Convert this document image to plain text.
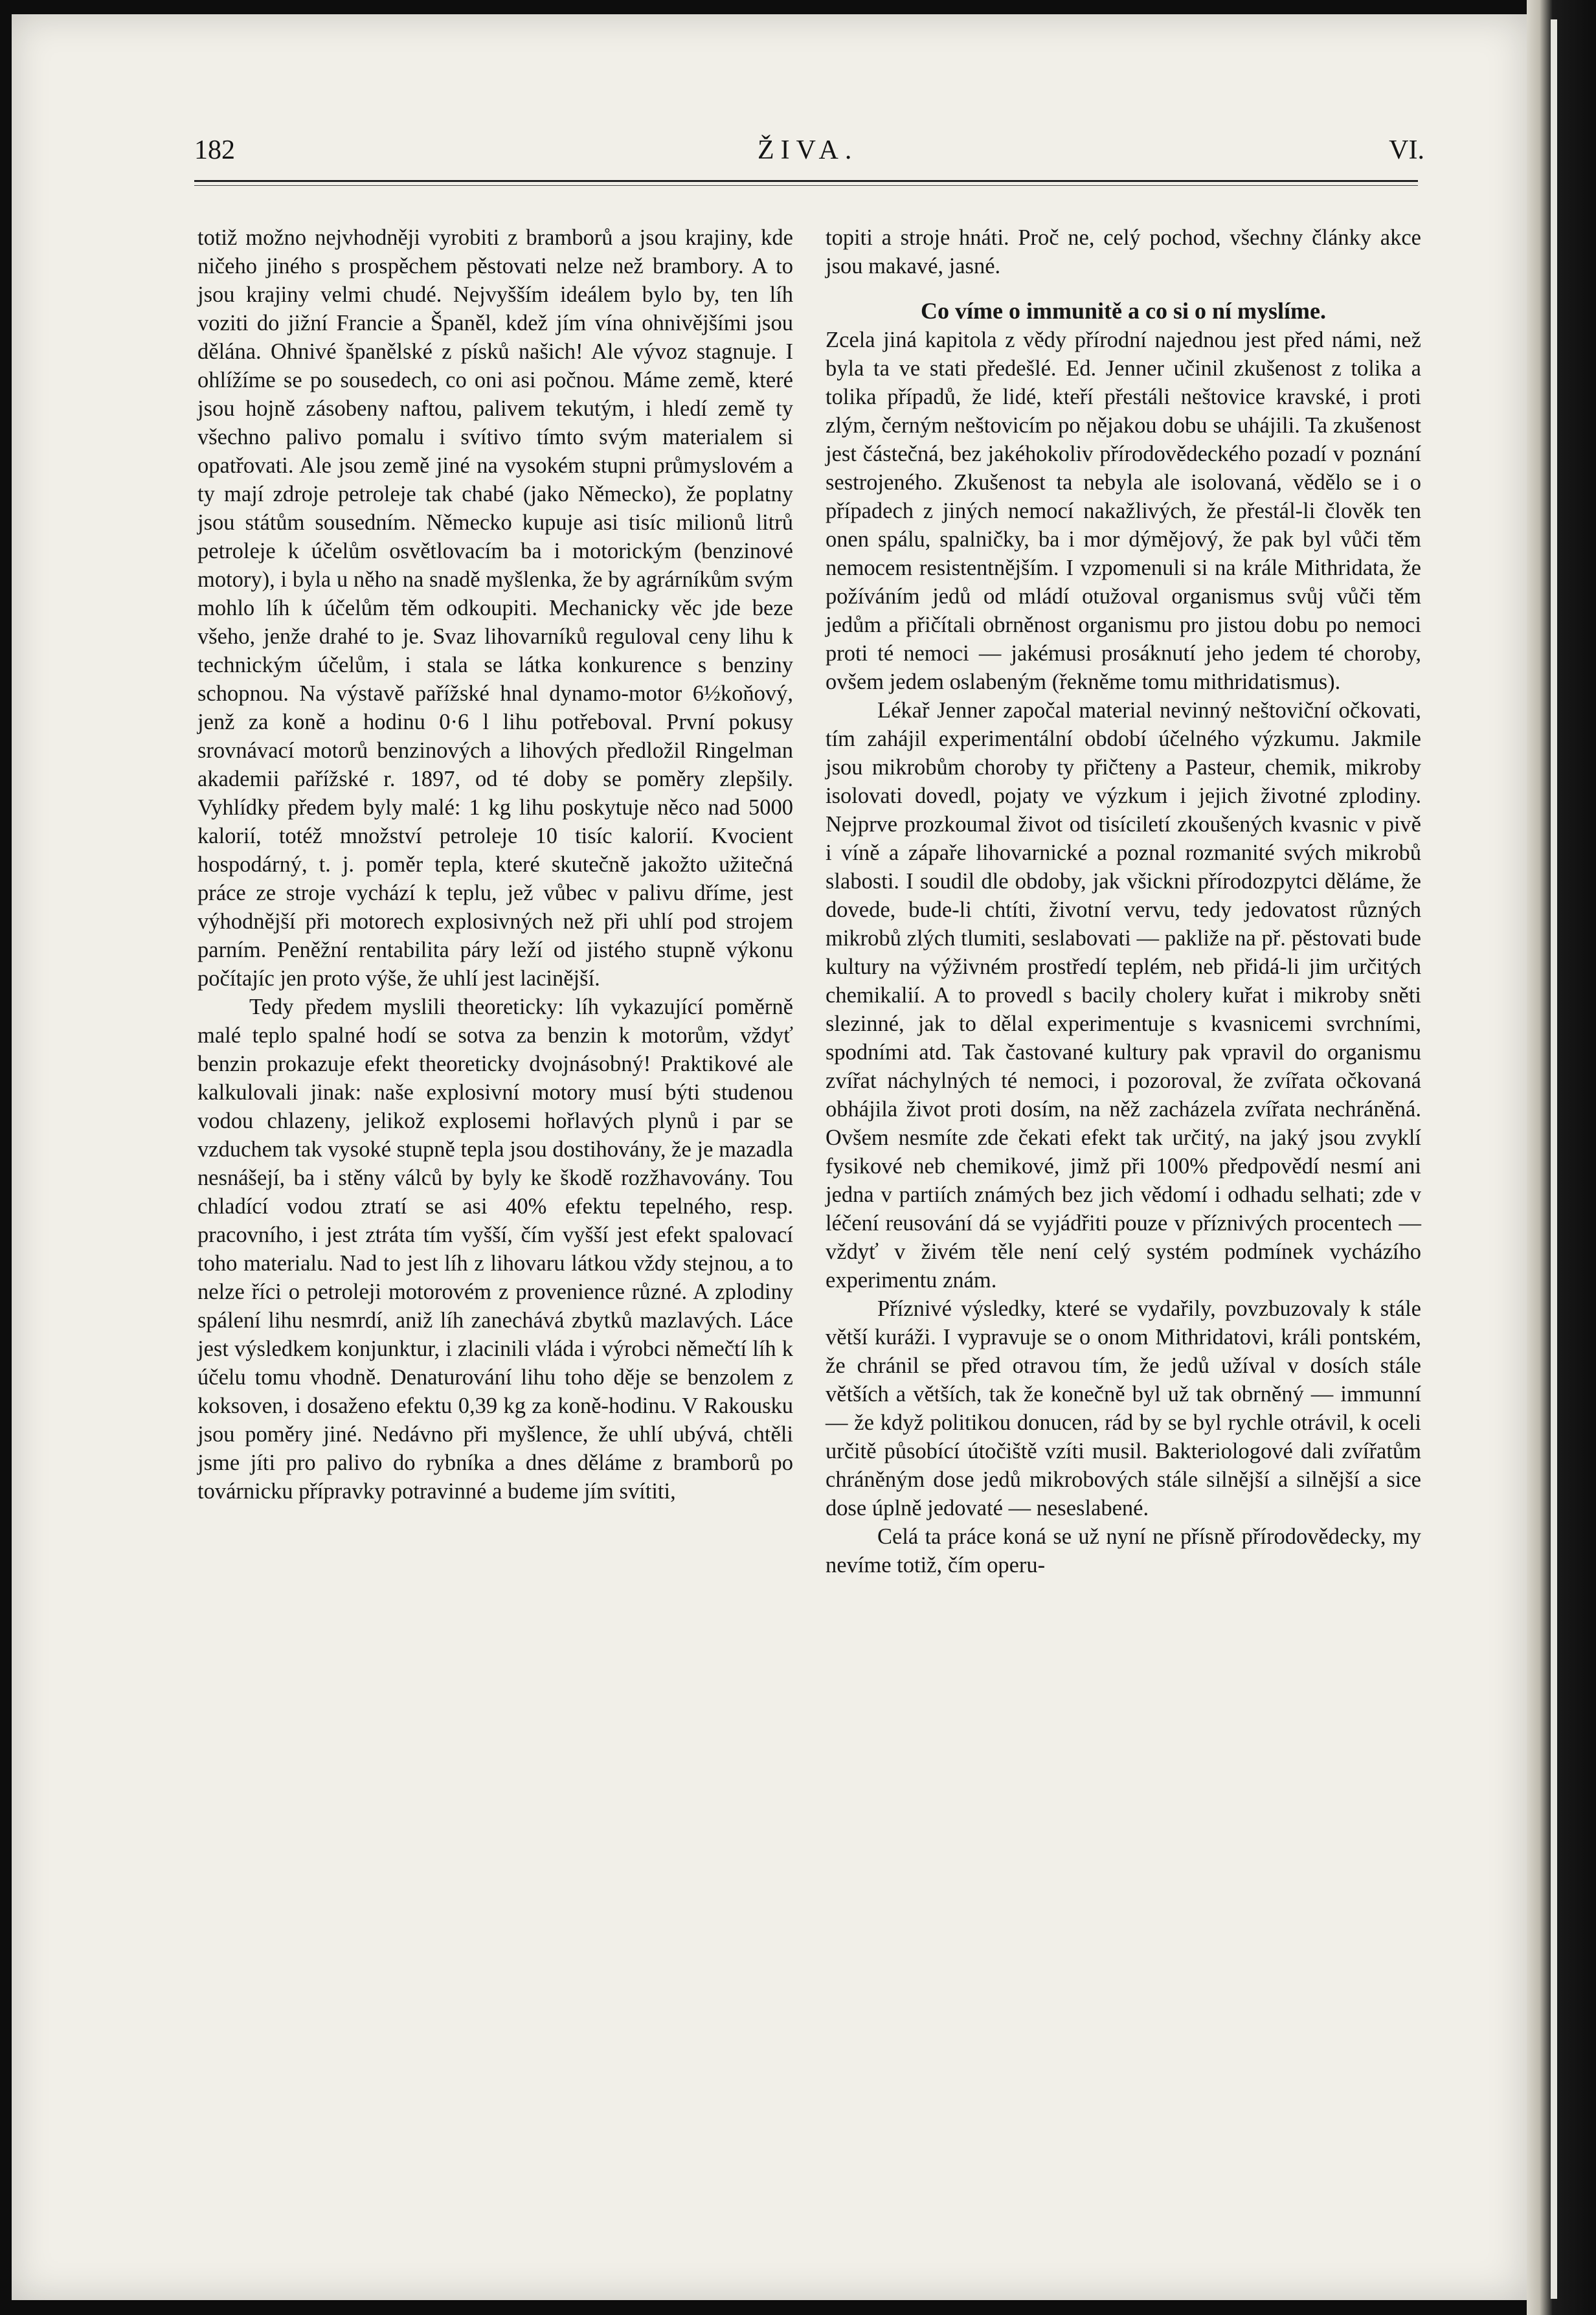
182	ŽIVA.	VI.

totiž možno nejvhodněji vyrobiti z bramborů a jsou krajiny, kde ničeho jiného s prospěchem pěstovati nelze než brambory. A to jsou krajiny velmi chudé. Nejvyšším ideálem bylo by, ten líh voziti do jižní Francie a Španěl, kdež jím vína ohnivějšími jsou dělána. Ohnivé španělské z písků našich! Ale vývoz stagnuje. I ohlížíme se po sousedech, co oni asi počnou. Máme země, které jsou hojně zásobeny naftou, palivem tekutým, i hledí země ty všechno palivo pomalu i svítivo tímto svým materialem si opatřovati. Ale jsou země jiné na vysokém stupni průmyslovém a ty mají zdroje petroleje tak chabé (jako Německo), že poplatny jsou státům sousedním. Německo kupuje asi tisíc milionů litrů petroleje k účelům osvětlovacím ba i motorickým (benzinové motory), i byla u něho na snadě myšlenka, že by agrárníkům svým mohlo líh k účelům těm odkoupiti. Mechanicky věc jde beze všeho, jenže drahé to je. Svaz lihovarníků reguloval ceny lihu k technickým účelům, i stala se látka konkurence s benziny schopnou. Na výstavě pařížské hnal dynamo-motor 6½koňový, jenž za koně a hodinu 0·6 l lihu potřeboval. První pokusy srovnávací motorů benzinových a lihových předložil Ringelman akademii pařížské r. 1897, od té doby se poměry zlepšily. Vyhlídky předem byly malé: 1 kg lihu poskytuje něco nad 5000 kalorií, totéž množství petroleje 10 tisíc kalorií. Kvocient hospodárný, t. j. poměr tepla, které skutečně jakožto užitečná práce ze stroje vychází k teplu, jež vůbec v palivu dříme, jest výhodnější při motorech explosivných než při uhlí pod strojem parním. Peněžní rentabilita páry leží od jistého stupně výkonu počítajíc jen proto výše, že uhlí jest lacinější.

Tedy předem myslili theoreticky: líh vykazující poměrně malé teplo spalné hodí se sotva za benzin k motorům, vždyť benzin prokazuje efekt theoreticky dvojnásobný! Praktikové ale kalkulovali jinak: naše explosivní motory musí býti studenou vodou chlazeny, jelikož explosemi hořlavých plynů i par se vzduchem tak vysoké stupně tepla jsou dostihovány, že je mazadla nesnášejí, ba i stěny válců by byly ke škodě rozžhavovány. Tou chladící vodou ztratí se asi 40% efektu tepelného, resp. pracovního, i jest ztráta tím vyšší, čím vyšší jest efekt spalovací toho materialu. Nad to jest líh z lihovaru látkou vždy stejnou, a to nelze říci o petroleji motorovém z provenience různé. A zplodiny spálení lihu nesmrdí, aniž líh zanechává zbytků mazlavých. Láce jest výsledkem konjunktur, i zlacinili vláda i výrobci němečtí líh k účelu tomu vhodně. Denaturování lihu toho děje se benzolem z koksoven, i dosaženo efektu 0,39 kg za koně-hodinu. V Rakousku jsou poměry jiné. Nedávno při myšlence, že uhlí ubývá, chtěli jsme jíti pro palivo do rybníka a dnes děláme z bramborů po továrnicku přípravky potravinné a budeme jím svítiti,

topiti a stroje hnáti. Proč ne, celý pochod, všechny články akce jsou makavé, jasné.

Co víme o immunitě a co si o ní myslíme.

Zcela jiná kapitola z vědy přírodní najednou jest před námi, než byla ta ve stati předešlé. Ed. Jenner učinil zkušenost z tolika a tolika případů, že lidé, kteří přestáli neštovice kravské, i proti zlým, černým neštovicím po nějakou dobu se uhájili. Ta zkušenost jest částečná, bez jakéhokoliv přírodovědeckého pozadí v poznání sestrojeného. Zkušenost ta nebyla ale isolovaná, vědělo se i o případech z jiných nemocí nakažlivých, že přestál-li člověk ten onen spálu, spalničky, ba i mor dýmějový, že pak byl vůči těm nemocem resistentnějším. I vzpomenuli si na krále Mithridata, že požíváním jedů od mládí otužoval organismus svůj vůči těm jedům a přičítali obrněnost organismu pro jistou dobu po nemoci proti té nemoci — jakémusi prosáknutí jeho jedem té choroby, ovšem jedem oslabeným (řekněme tomu mithridatismus).

Lékař Jenner započal material nevinný neštoviční očkovati, tím zahájil experimentální období účelného výzkumu. Jakmile jsou mikrobům choroby ty přičteny a Pasteur, chemik, mikroby isolovati dovedl, pojaty ve výzkum i jejich životné zplodiny. Nejprve prozkoumal život od tisíciletí zkoušených kvasnic v pivě i víně a zápaře lihovarnické a poznal rozmanité svých mikrobů slabosti. I soudil dle obdoby, jak všickni přírodozpytci děláme, že dovede, bude-li chtíti, životní vervu, tedy jedovatost různých mikrobů zlých tlumiti, seslabovati — pakliže na př. pěstovati bude kultury na výživném prostředí teplém, neb přidá-li jim určitých chemikalií. A to provedl s bacily cholery kuřat i mikroby sněti slezinné, jak to dělal experimentuje s kvasnicemi svrchními, spodními atd. Tak častované kultury pak vpravil do organismu zvířat náchylných té nemoci, i pozoroval, že zvířata očkovaná obhájila život proti dosím, na něž zacházela zvířata nechráněná. Ovšem nesmíte zde čekati efekt tak určitý, na jaký jsou zvyklí fysikové neb chemikové, jimž při 100% předpovědí nesmí ani jedna v partiích známých bez jich vědomí i odhadu selhati; zde v léčení reusování dá se vyjádřiti pouze v příznivých procentech — vždyť v živém těle není celý systém podmínek vycházího experimentu znám.

Příznivé výsledky, které se vydařily, povzbuzovaly k stále větší kuráži. I vypravuje se o onom Mithridatovi, králi pontském, že chránil se před otravou tím, že jedů užíval v dosích stále větších a větších, tak že konečně byl už tak obrněný — immunní — že když politikou donucen, rád by se byl rychle otrávil, k oceli určitě působící útočiště vzíti musil. Bakteriologové dali zvířatům chráněným dose jedů mikrobových stále silnější a silnější a sice dose úplně jedovaté — neseslabené.

Celá ta práce koná se už nyní ne přísně přírodovědecky, my nevíme totiž, čím operu-
